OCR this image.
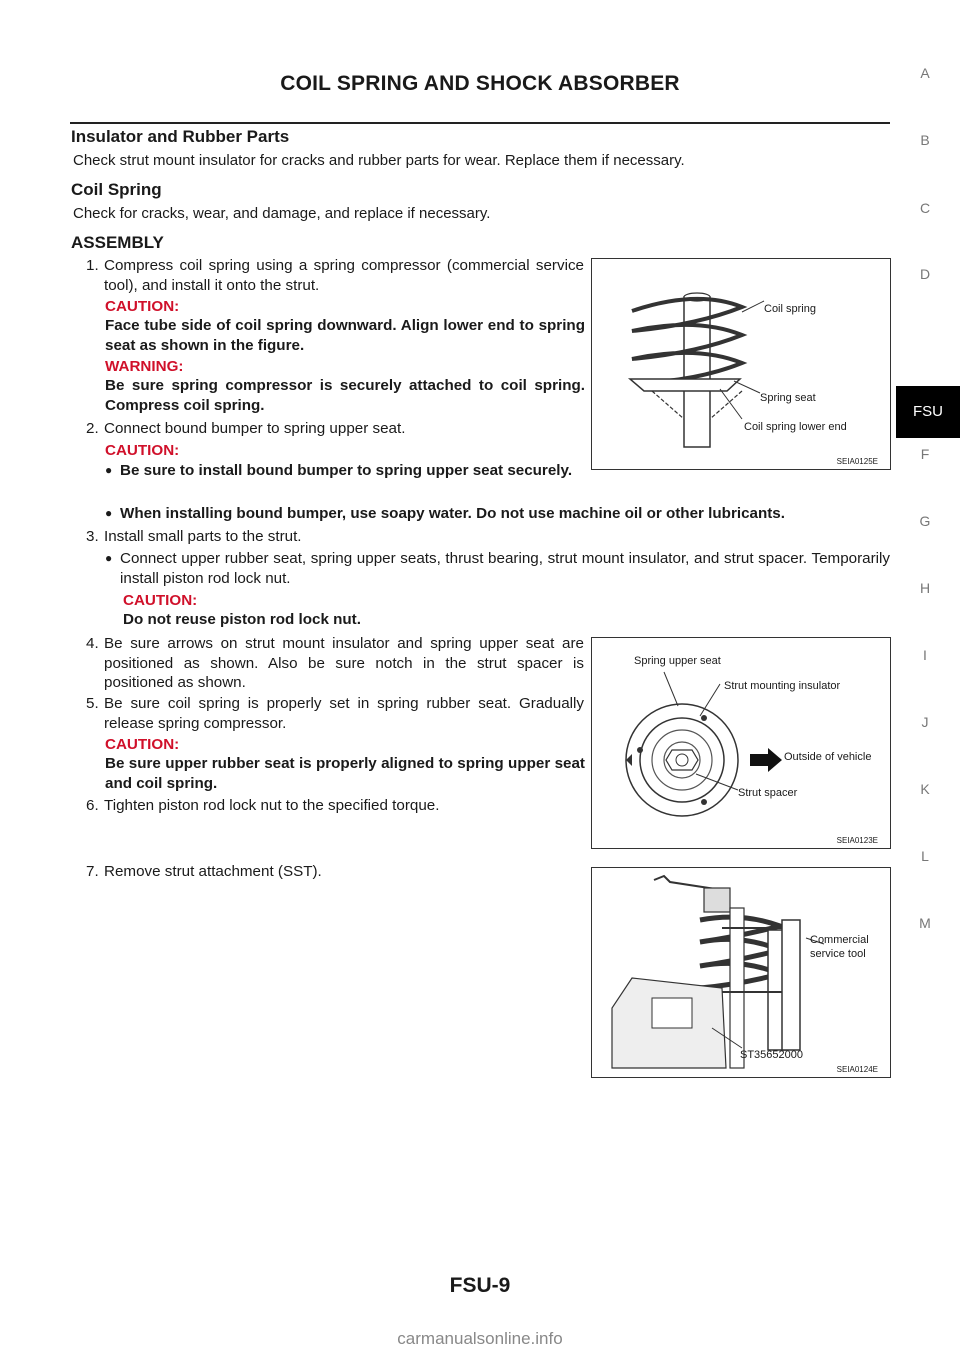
COIL SPRING AND SHOCK ABSORBER
Insulator and Rubber Parts
Check strut mount insulator for cracks and rubber parts for wear. Replace them if necessary.
Coil Spring
Check for cracks, wear, and damage, and replace if necessary.
ASSEMBLY
1. Compress coil spring using a spring compressor (commercial service tool), and install it onto the strut.
CAUTION:
Face tube side of coil spring downward. Align lower end to spring seat as shown in the figure.
WARNING:
Be sure spring compressor is securely attached to coil spring. Compress coil spring.
2. Connect bound bumper to spring upper seat.
CAUTION:
● Be sure to install bound bumper to spring upper seat securely.
● When installing bound bumper, use soapy water. Do not use machine oil or other lubricants.
3. Install small parts to the strut.
● Connect upper rubber seat, spring upper seats, thrust bearing, strut mount insulator, and strut spacer. Temporarily install piston rod lock nut.
CAUTION:
Do not reuse piston rod lock nut.
4. Be sure arrows on strut mount insulator and spring upper seat are positioned as shown. Also be sure notch in the strut spacer is positioned as shown.
5. Be sure coil spring is properly set in spring rubber seat. Gradually release spring compressor.
CAUTION:
Be sure upper rubber seat is properly aligned to spring upper seat and coil spring.
6. Tighten piston rod lock nut to the specified torque.
7. Remove strut attachment (SST).
Coil spring
Spring seat
Coil spring lower end
SEIA0125E
Spring upper seat
Strut mounting insulator
Outside of vehicle
Strut spacer
SEIA0123E
Commercial
service tool
ST35652000
SEIA0124E
A
B
C
D
FSU
F
G
H
I
J
K
L
M
FSU-9
carmanualsonline.info
